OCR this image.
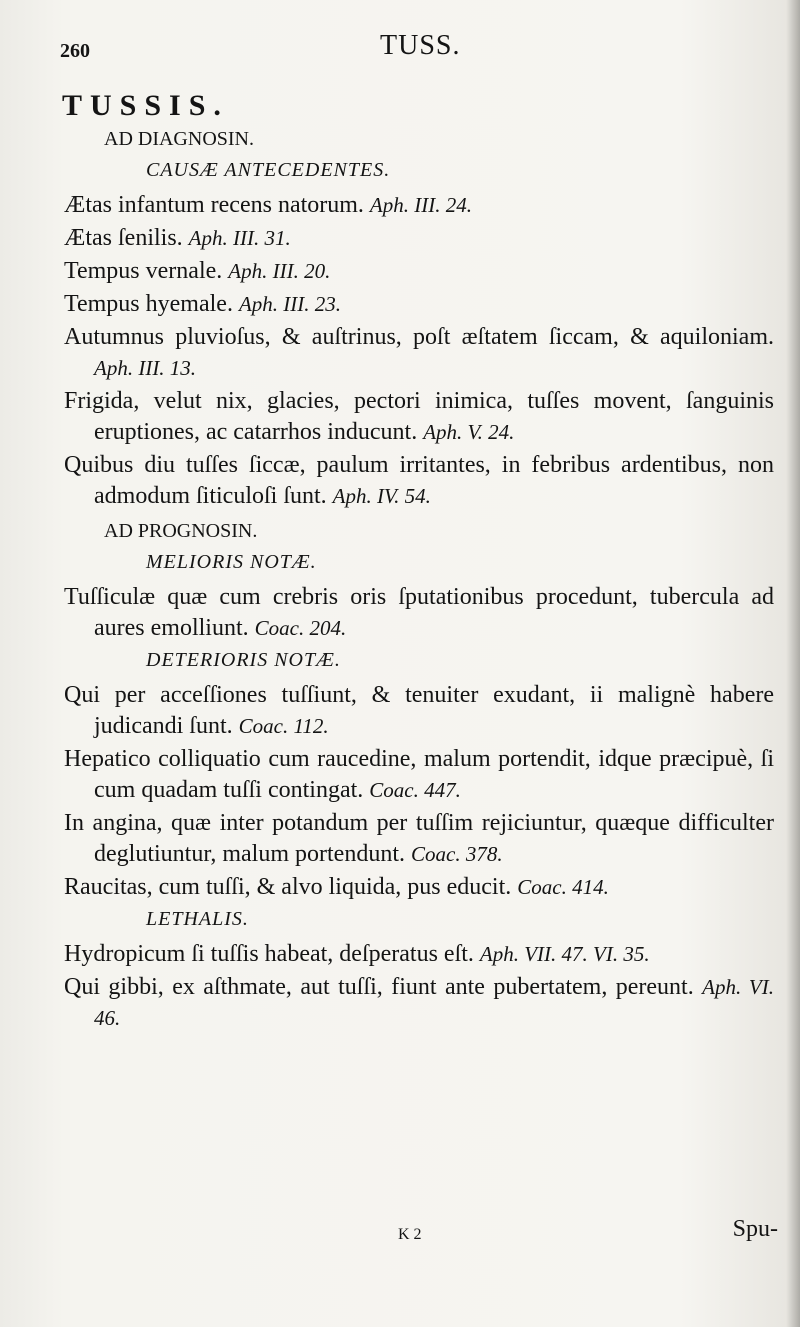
260	TUSS.
TUSSIS.
AD DIAGNOSIN.
CAUSÆ ANTECEDENTES.

Ætas infantum recens natorum. Aph. III. 24.

Ætas ſenilis. Aph. III. 31.

Tempus vernale. Aph. III. 20.

Tempus hyemale. Aph. III. 23.

Autumnus pluvioſus, & auſtrinus, poſt æſtatem ſiccam, & aquiloniam. Aph. III. 13.

Frigida, velut nix, glacies, pectori inimica, tuſſes movent, ſanguinis eruptiones, ac catarrhos inducunt. Aph. V. 24.

Quibus diu tuſſes ſiccæ, paulum irritantes, in febribus ardentibus, non admodum ſiticuloſi ſunt. Aph. IV. 54.

AD PROGNOSIN.
MELIORIS NOTÆ.

Tuſſiculæ quæ cum crebris oris ſputationibus procedunt, tubercula ad aures emolliunt. Coac. 204.

DETERIORIS NOTÆ.

Qui per acceſſiones tuſſiunt, & tenuiter exudant, ii malignè habere judicandi ſunt. Coac. 112.

Hepatico colliquatio cum raucedine, malum portendit, idque præcipuè, ſi cum quadam tuſſi contingat. Coac. 447.

In angina, quæ inter potandum per tuſſim rejiciuntur, quæque difficulter deglutiuntur, malum portendunt. Coac. 378.

Raucitas, cum tuſſi, & alvo liquida, pus educit. Coac. 414.

LETHALIS.

Hydropicum ſi tuſſis habeat, deſperatus eſt. Aph. VII. 47. VI. 35.

Qui gibbi, ex aſthmate, aut tuſſi, fiunt ante pubertatem, pereunt. Aph. VI. 46.

K 2	Spu-
